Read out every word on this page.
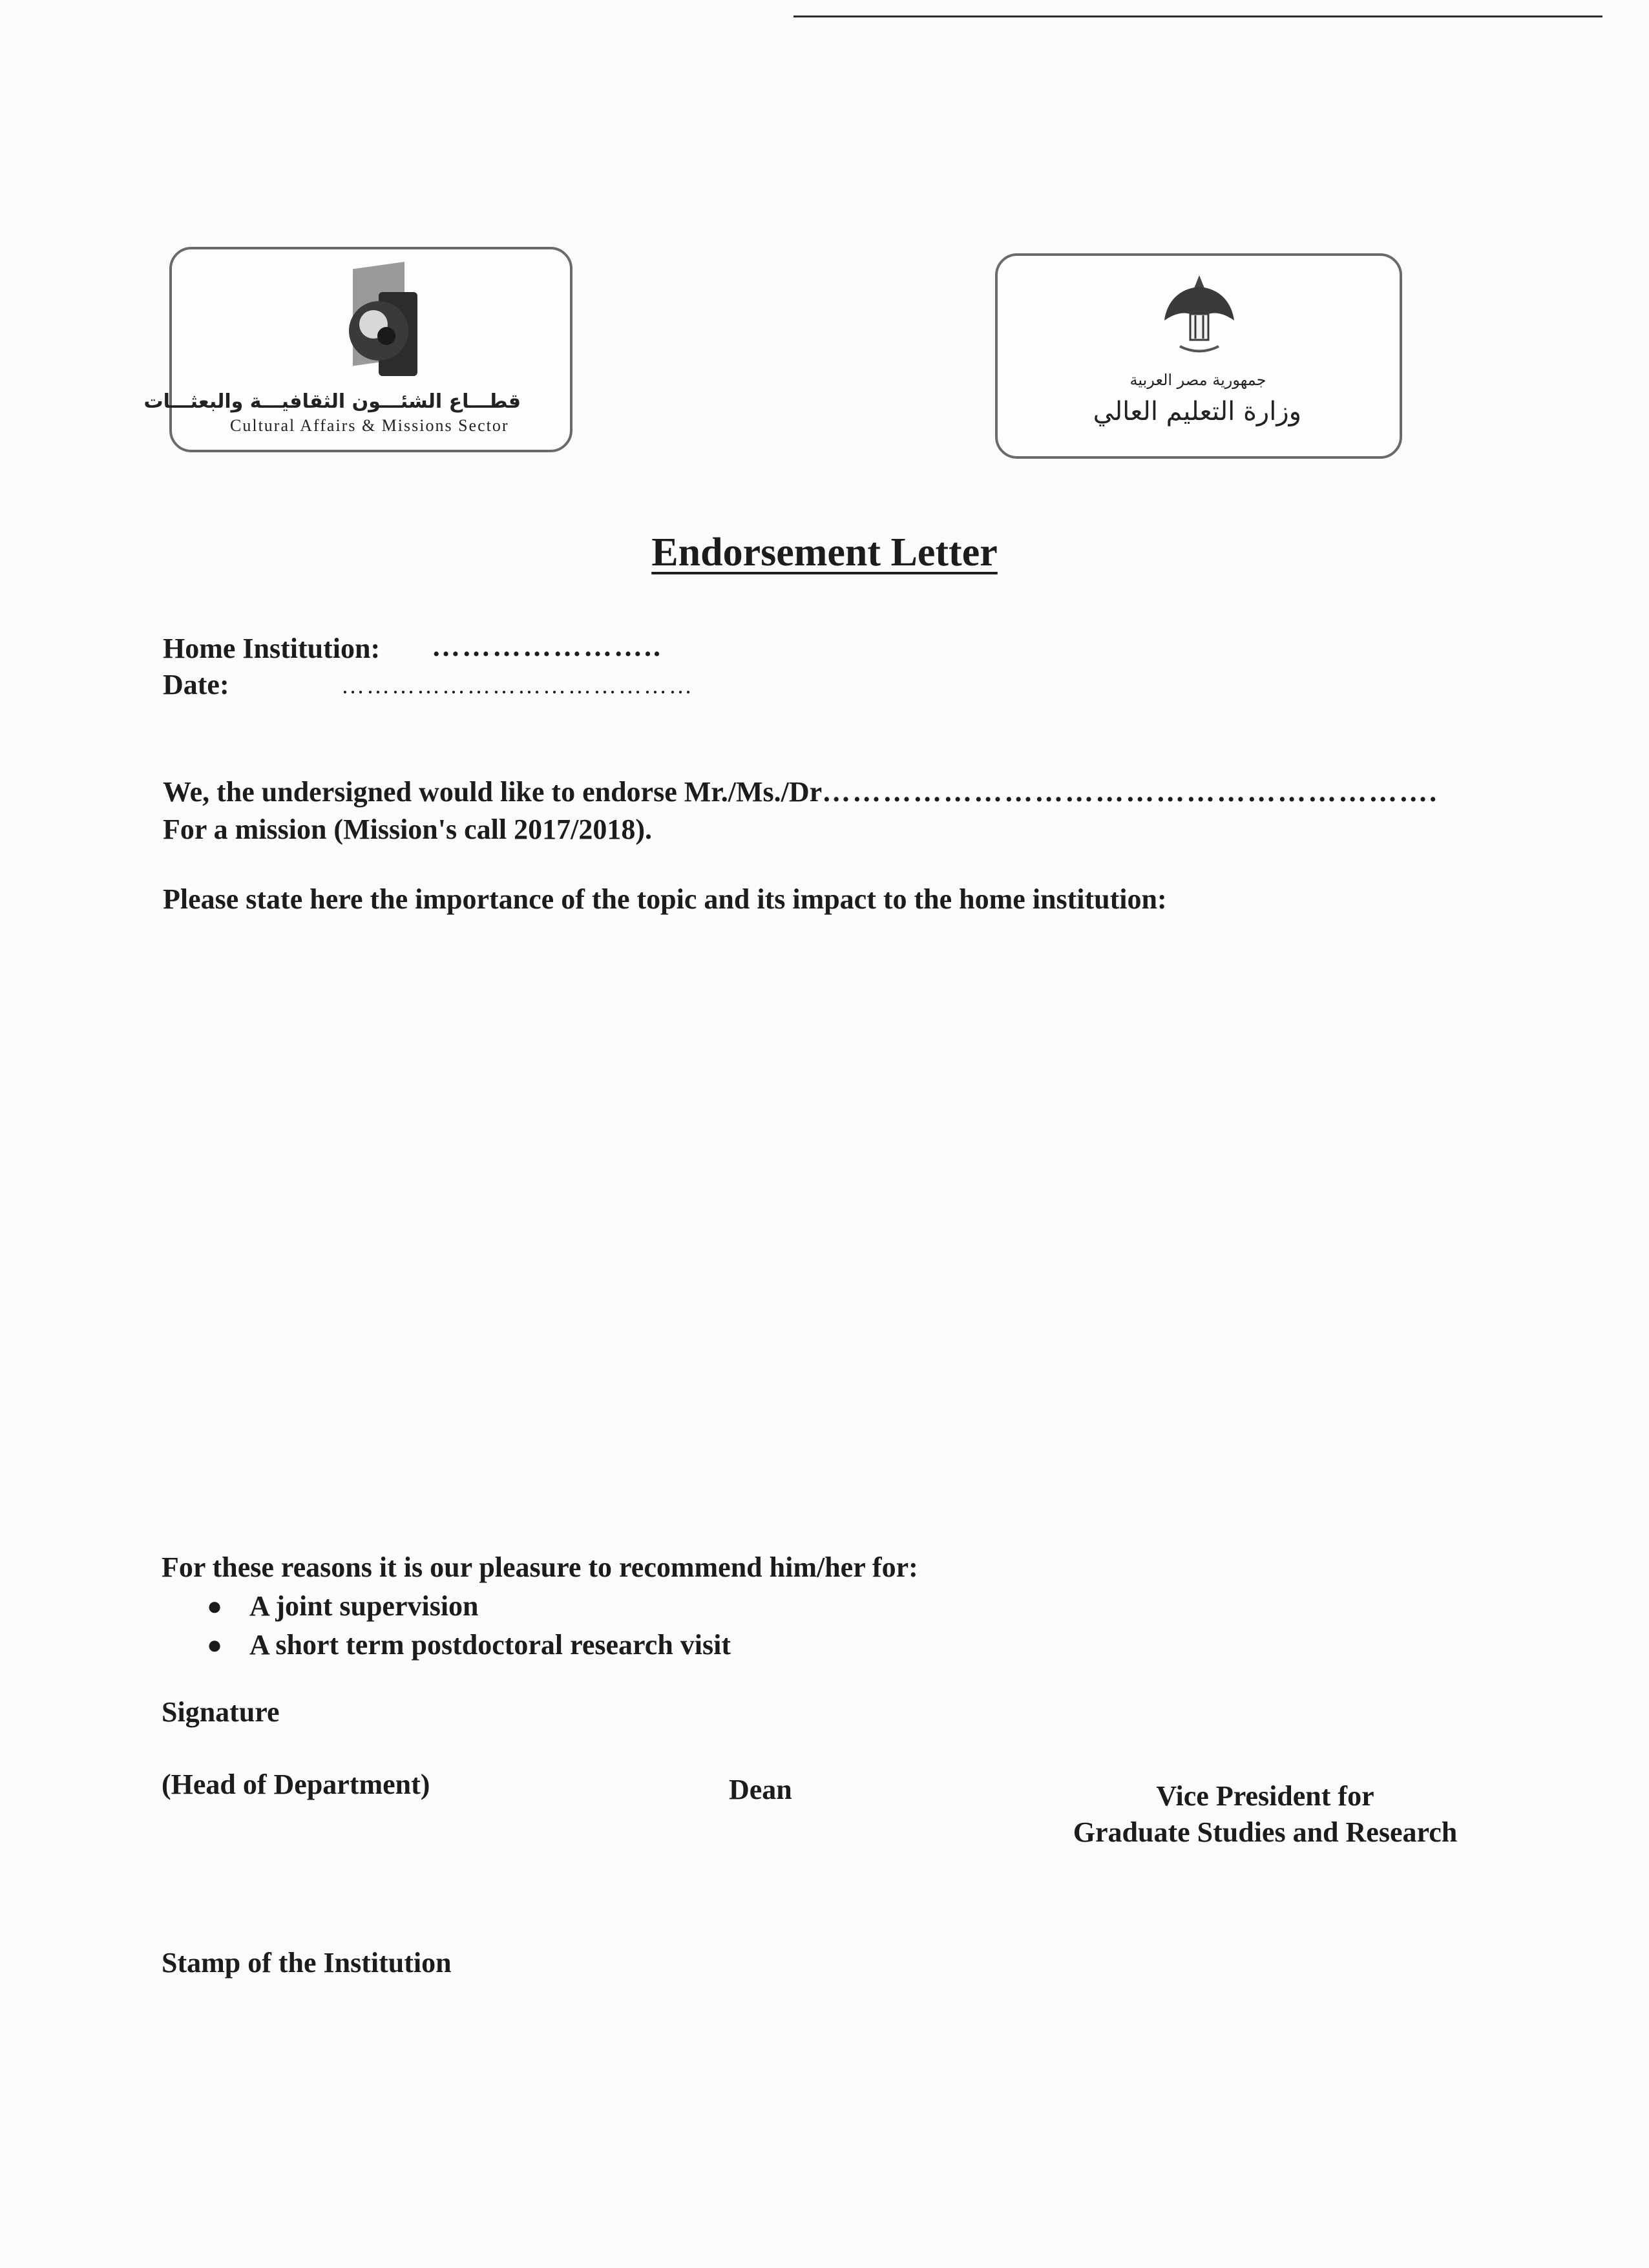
قطـــاع الشئـــون الثقافيـــة والبعثـــات
Cultural Affairs & Missions Sector
جمهورية مصر العربية
وزارة التعليم العالي
Endorsement Letter
Home Institution: …………………..
Date:	……………………………………
We, the undersigned would like to endorse Mr./Ms./Dr…………………………………………………….
For a mission (Mission's call 2017/2018).
Please state here the importance of the topic and its impact to the home institution:
For these reasons it is our pleasure to recommend him/her for:
● A joint supervision
● A short term postdoctoral research visit
Signature
(Head of Department)	Dean	Vice President for
Graduate Studies and Research
Stamp of the Institution
